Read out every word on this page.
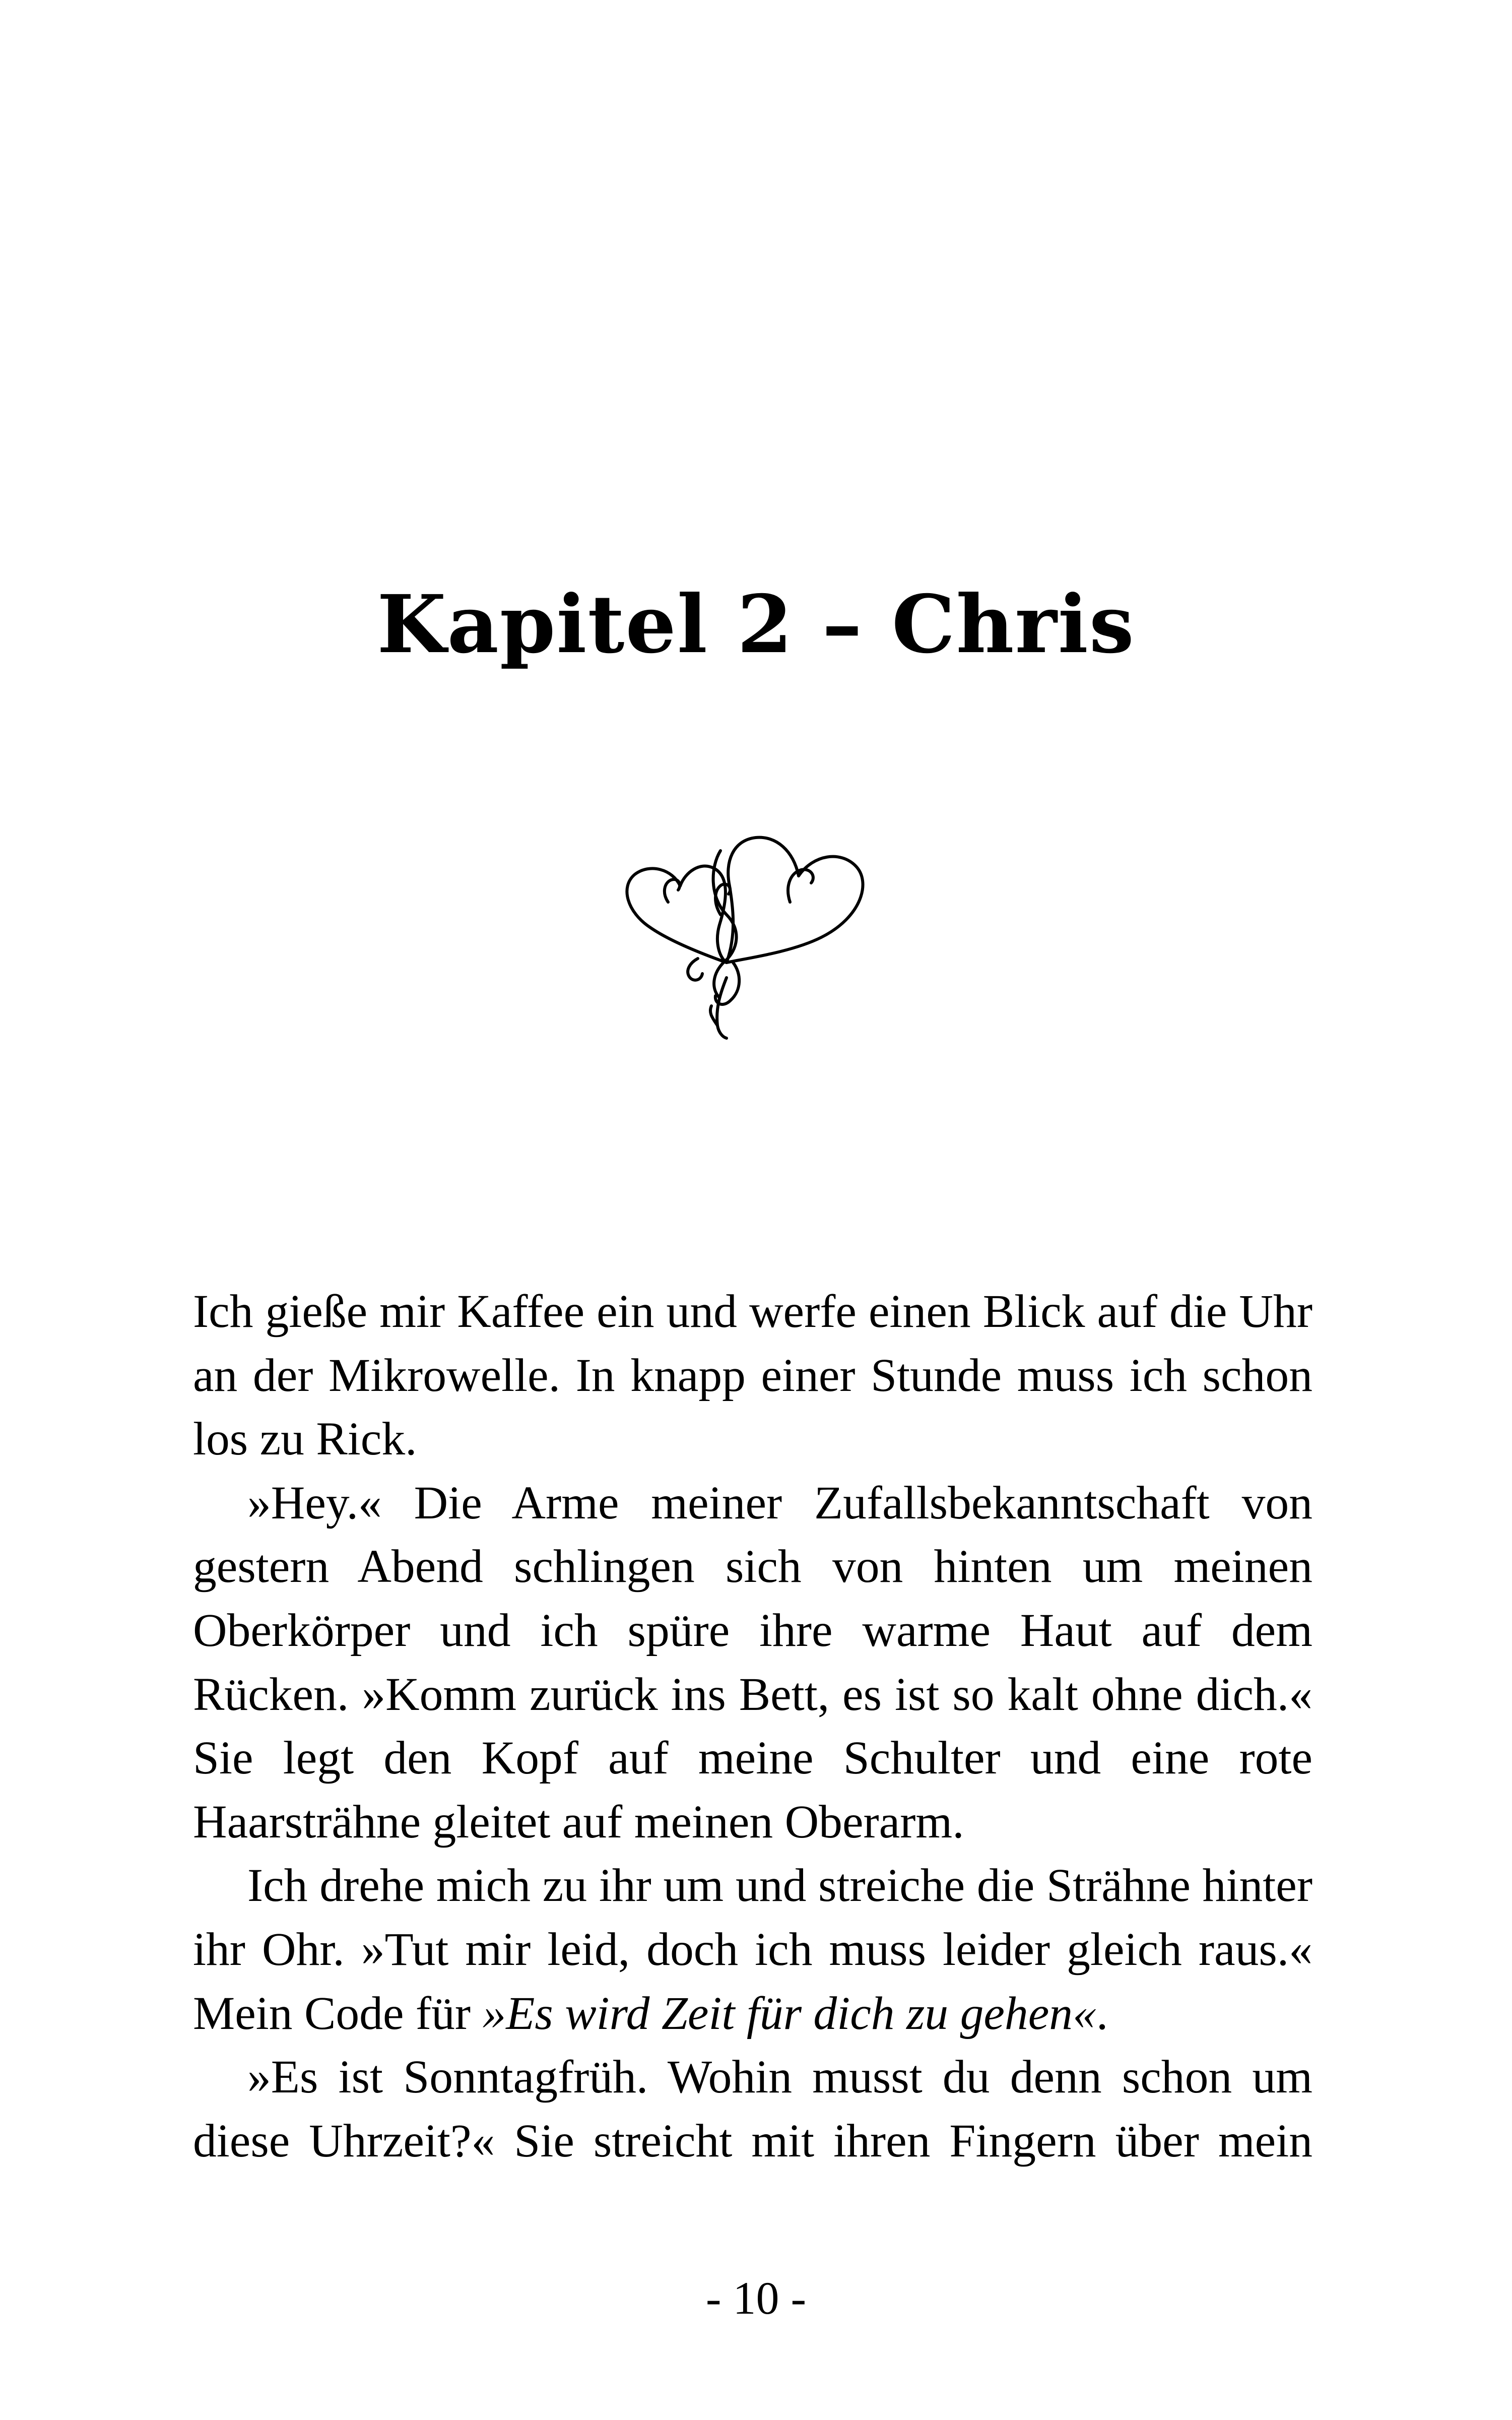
Kapitel 2 – Chris

Ich gieße mir Kaffee ein und werfe einen Blick auf die Uhr an der Mikrowelle. In knapp einer Stunde muss ich schon los zu Rick.

»Hey.« Die Arme meiner Zufallsbekanntschaft von gestern Abend schlingen sich von hinten um meinen Oberkörper und ich spüre ihre warme Haut auf dem Rücken. »Komm zurück ins Bett, es ist so kalt ohne dich.« Sie legt den Kopf auf meine Schulter und eine rote Haarsträhne gleitet auf meinen Oberarm.

Ich drehe mich zu ihr um und streiche die Strähne hinter ihr Ohr. »Tut mir leid, doch ich muss leider gleich raus.« Mein Code für »Es wird Zeit für dich zu gehen«.

»Es ist Sonntagfrüh. Wohin musst du denn schon um diese Uhrzeit?« Sie streicht mit ihren Fingern über mein

- 10 -
